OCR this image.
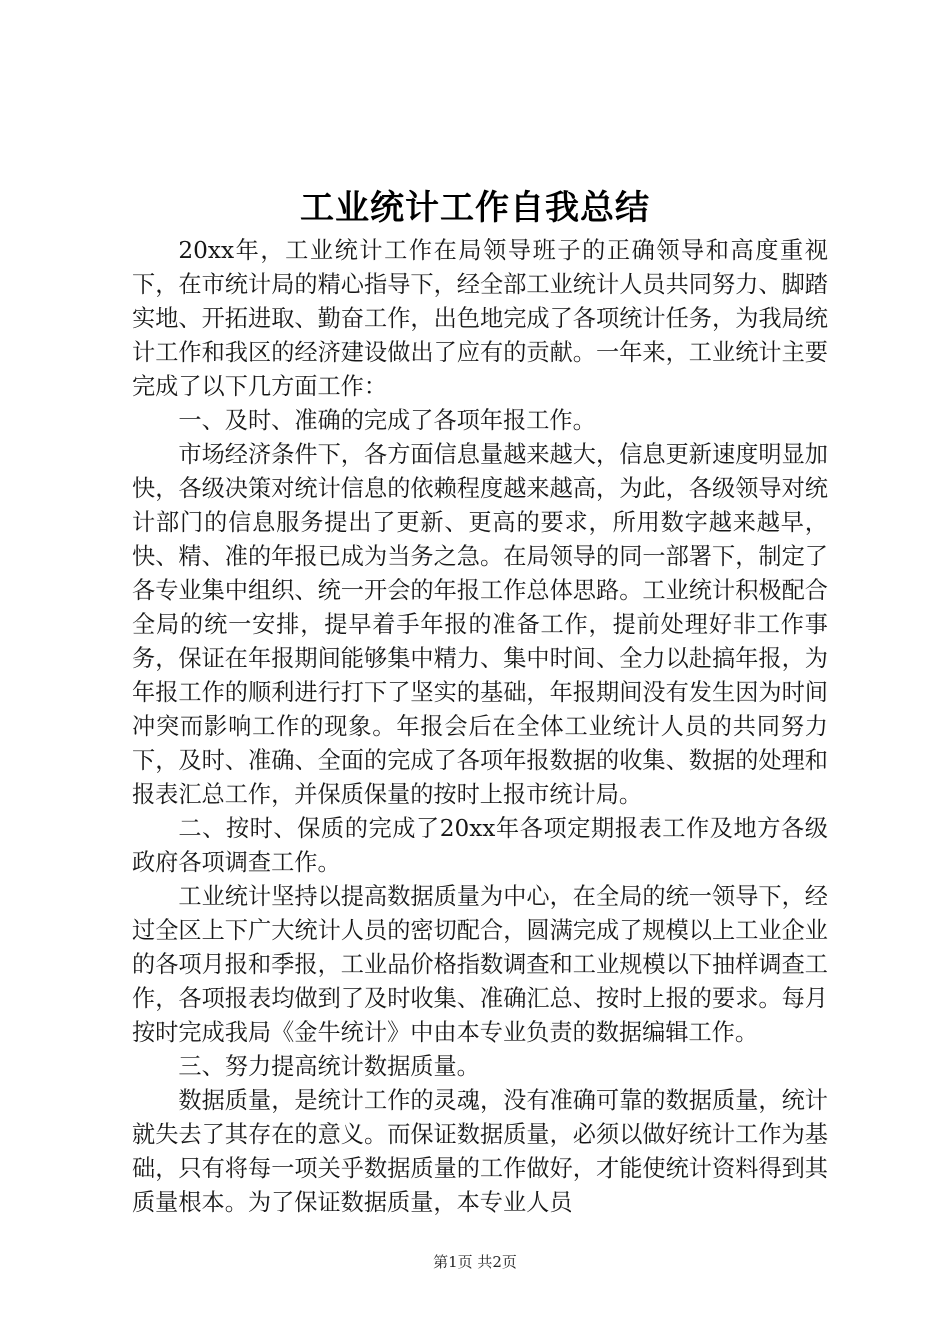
工业统计工作自我总结

20xx年，工业统计工作在局领导班子的正确领导和高度重视下，在市统计局的精心指导下，经全部工业统计人员共同努力、脚踏实地、开拓进取、勤奋工作，出色地完成了各项统计任务，为我局统计工作和我区的经济建设做出了应有的贡献。一年来，工业统计主要完成了以下几方面工作：

一、及时、准确的完成了各项年报工作。

市场经济条件下，各方面信息量越来越大，信息更新速度明显加快，各级决策对统计信息的依赖程度越来越高，为此，各级领导对统计部门的信息服务提出了更新、更高的要求，所用数字越来越早，快、精、准的年报已成为当务之急。在局领导的同一部署下，制定了各专业集中组织、统一开会的年报工作总体思路。工业统计积极配合全局的统一安排，提早着手年报的准备工作，提前处理好非工作事务，保证在年报期间能够集中精力、集中时间、全力以赴搞年报，为年报工作的顺利进行打下了坚实的基础，年报期间没有发生因为时间冲突而影响工作的现象。年报会后在全体工业统计人员的共同努力下，及时、准确、全面的完成了各项年报数据的收集、数据的处理和报表汇总工作，并保质保量的按时上报市统计局。

二、按时、保质的完成了20xx年各项定期报表工作及地方各级政府各项调查工作。

工业统计坚持以提高数据质量为中心，在全局的统一领导下，经过全区上下广大统计人员的密切配合，圆满完成了规模以上工业企业的各项月报和季报，工业品价格指数调查和工业规模以下抽样调查工作，各项报表均做到了及时收集、准确汇总、按时上报的要求。每月按时完成我局《金牛统计》中由本专业负责的数据编辑工作。

三、努力提高统计数据质量。

数据质量，是统计工作的灵魂，没有准确可靠的数据质量，统计就失去了其存在的意义。而保证数据质量，必须以做好统计工作为基础，只有将每一项关乎数据质量的工作做好，才能使统计资料得到其质量根本。为了保证数据质量，本专业人员

第1页 共2页
